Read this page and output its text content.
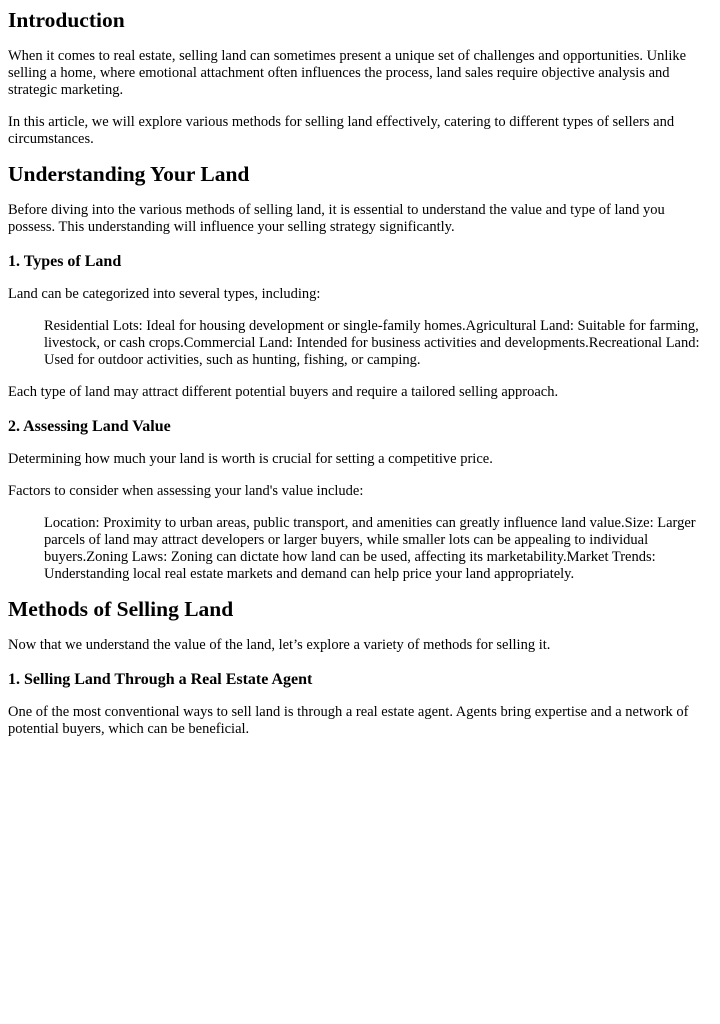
Introduction

When it comes to real estate, selling land can sometimes present a unique set of challenges and opportunities. Unlike selling a home, where emotional attachment often influences the process, land sales require objective analysis and strategic marketing.

In this article, we will explore various methods for selling land effectively, catering to different types of sellers and circumstances.

Understanding Your Land

Before diving into the various methods of selling land, it is essential to understand the value and type of land you possess. This understanding will influence your selling strategy significantly.

1. Types of Land

Land can be categorized into several types, including:

Residential Lots: Ideal for housing development or single-family homes.Agricultural Land: Suitable for farming, livestock, or cash crops.Commercial Land: Intended for business activities and developments.Recreational Land: Used for outdoor activities, such as hunting, fishing, or camping.

Each type of land may attract different potential buyers and require a tailored selling approach.

2. Assessing Land Value

Determining how much your land is worth is crucial for setting a competitive price.

Factors to consider when assessing your land's value include:

Location: Proximity to urban areas, public transport, and amenities can greatly influence land value.Size: Larger parcels of land may attract developers or larger buyers, while smaller lots can be appealing to individual buyers.Zoning Laws: Zoning can dictate how land can be used, affecting its marketability.Market Trends: Understanding local real estate markets and demand can help price your land appropriately.
Methods of Selling Land

Now that we understand the value of the land, let’s explore a variety of methods for selling it.

1. Selling Land Through a Real Estate Agent

One of the most conventional ways to sell land is through a real estate agent. Agents bring expertise and a network of potential buyers, which can be beneficial.
